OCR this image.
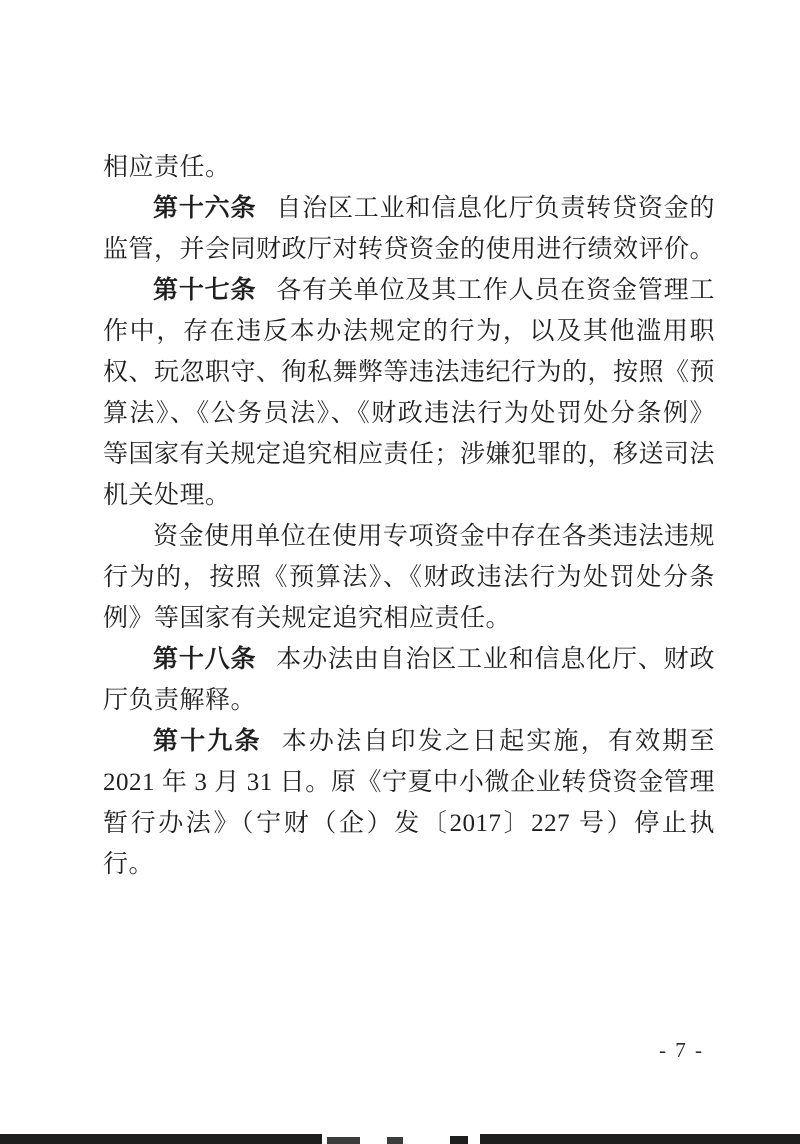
相应责任。

第十六条 自治区工业和信息化厅负责转贷资金的监管，并会同财政厅对转贷资金的使用进行绩效评价。

第十七条 各有关单位及其工作人员在资金管理工作中，存在违反本办法规定的行为，以及其他滥用职权、玩忽职守、徇私舞弊等违法违纪行为的，按照《预算法》、《公务员法》、《财政违法行为处罚处分条例》等国家有关规定追究相应责任；涉嫌犯罪的，移送司法机关处理。

资金使用单位在使用专项资金中存在各类违法违规行为的，按照《预算法》、《财政违法行为处罚处分条例》等国家有关规定追究相应责任。

第十八条 本办法由自治区工业和信息化厅、财政厅负责解释。

第十九条 本办法自印发之日起实施，有效期至 2021 年 3 月 31 日。原《宁夏中小微企业转贷资金管理暂行办法》（宁财（企）发〔2017〕227 号）停止执行。

- 7 -
